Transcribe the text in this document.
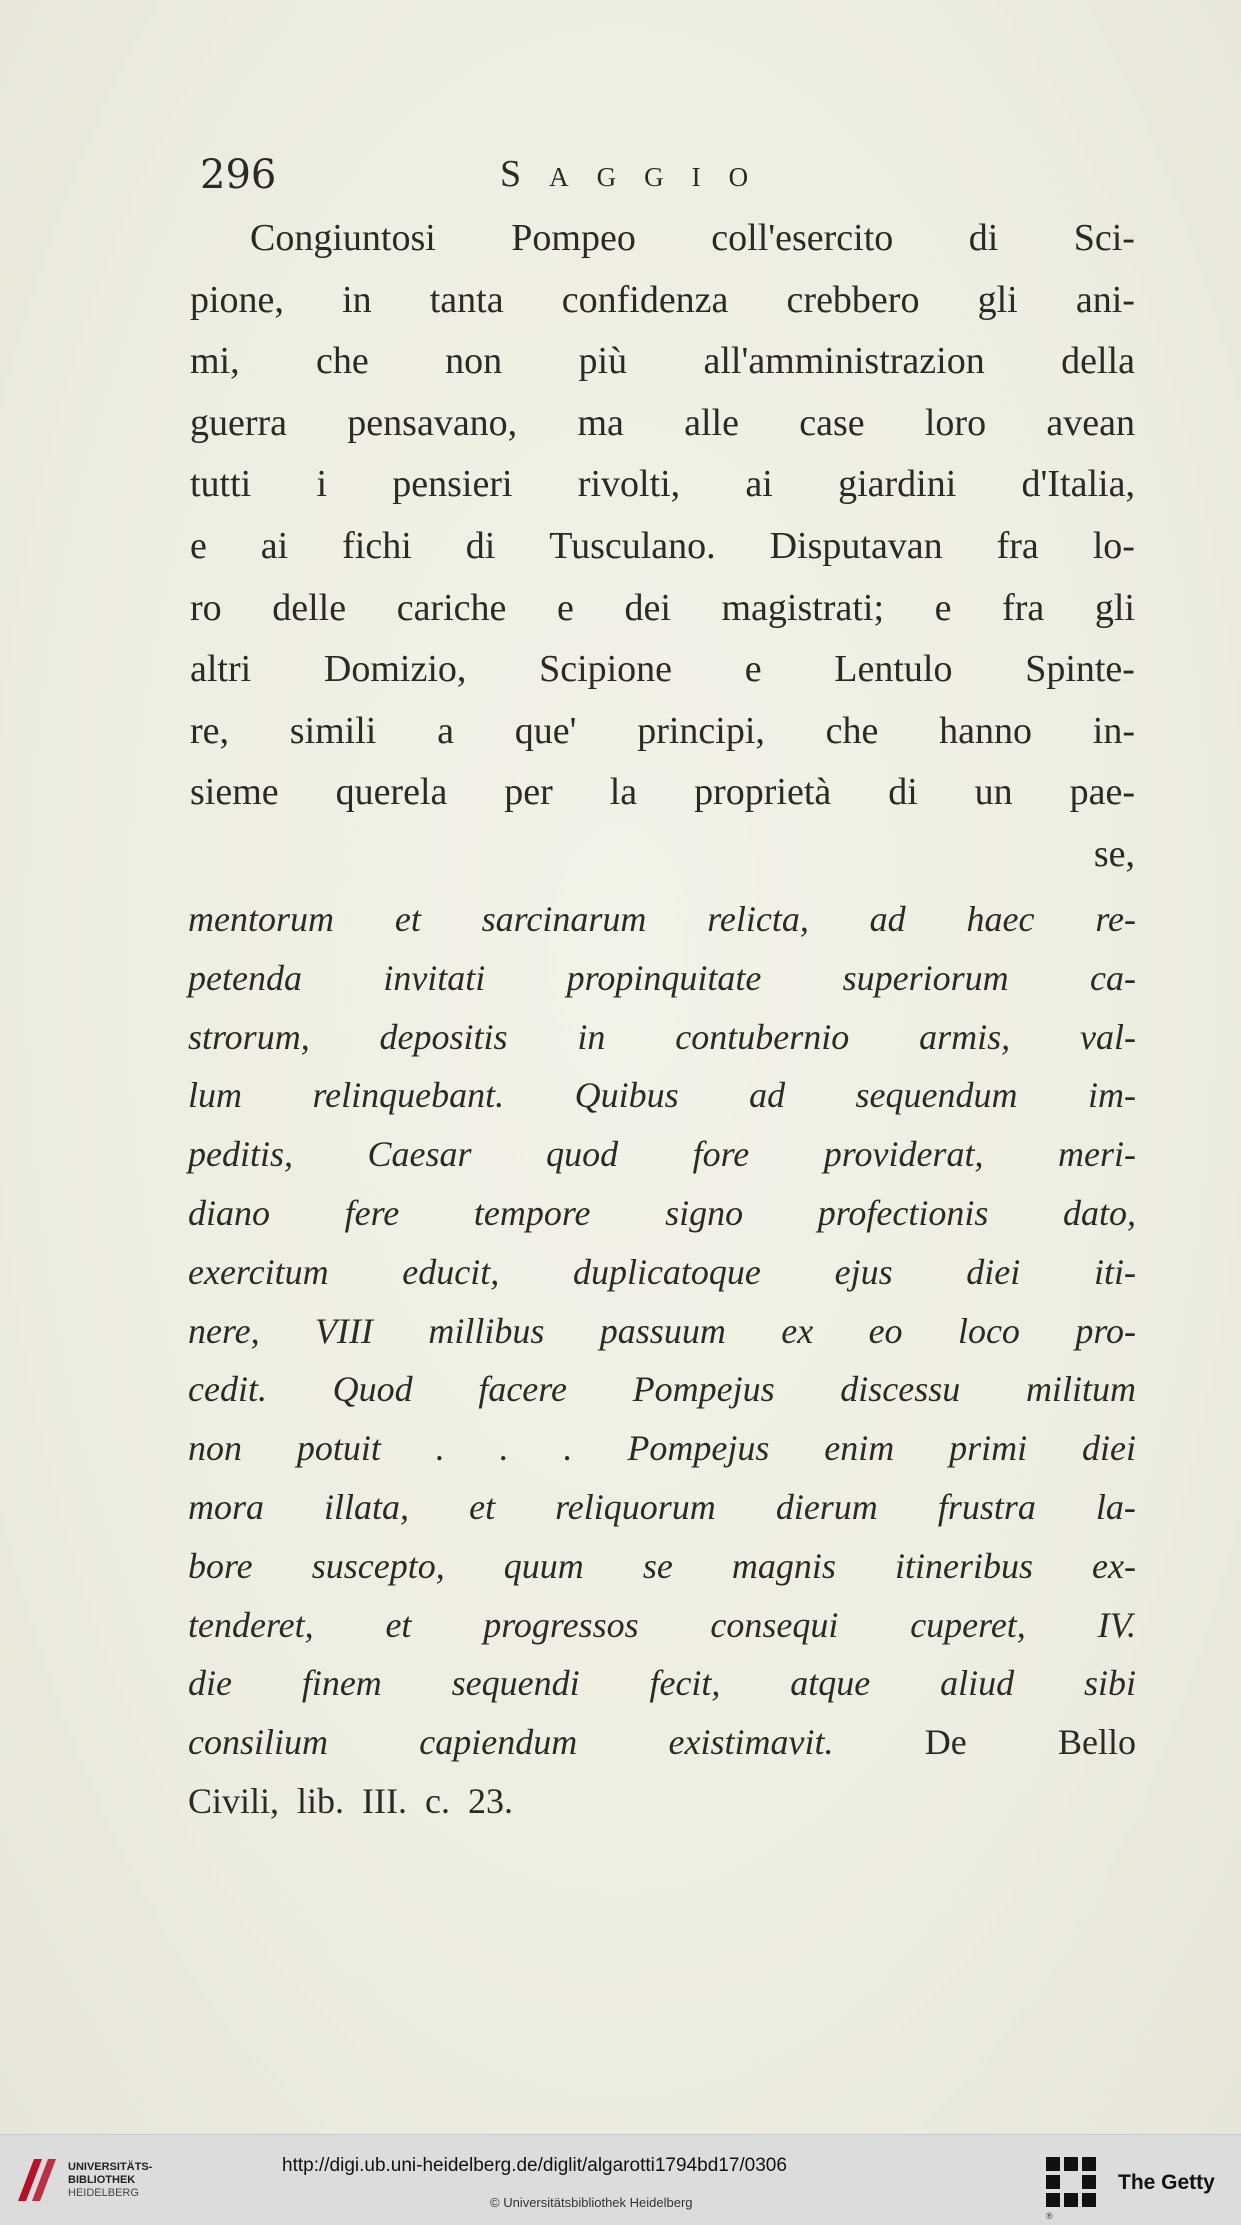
296	Saggio
Congiuntosi Pompeo coll'esercito di Sci-
pione, in tanta confidenza crebbero gli ani-
mi, che non più all'amministrazion della
guerra pensavano, ma alle case loro avean
tutti i pensieri rivolti, ai giardini d'Italia,
e ai fichi di Tusculano. Disputavan fra lo-
ro delle cariche e dei magistrati; e fra gli
altri Domizio, Scipione e Lentulo Spinte-
re, simili a que' principi, che hanno in-
sieme querela per la proprietà di un pae-
se,
mentorum et sarcinarum relicta, ad haec re-
petenda invitati propinquitate superiorum ca-
strorum, depositis in contubernio armis, val-
lum relinquebant. Quibus ad sequendum im-
peditis, Caesar quod fore providerat, meri-
diano fere tempore signo profectionis dato,
exercitum educit, duplicatoque ejus diei iti-
nere, VIII millibus passuum ex eo loco pro-
cedit. Quod facere Pompejus discessu militum
non potuit . . . Pompejus enim primi diei
mora illata, et reliquorum dierum frustra la-
bore suscepto, quum se magnis itineribus ex-
tenderet, et progressos consequi cuperet, IV.
die finem sequendi fecit, atque aliud sibi
consilium	capiendum	existimavit.	De	Bello
Civili, lib. III. c. 23.
UNIVERSITÄTS-
BIBLIOTHEK
HEIDELBERG
http://digi.ub.uni-heidelberg.de/diglit/algarotti1794bd17/0306
© Universitätsbibliothek Heidelberg
®
The Getty
